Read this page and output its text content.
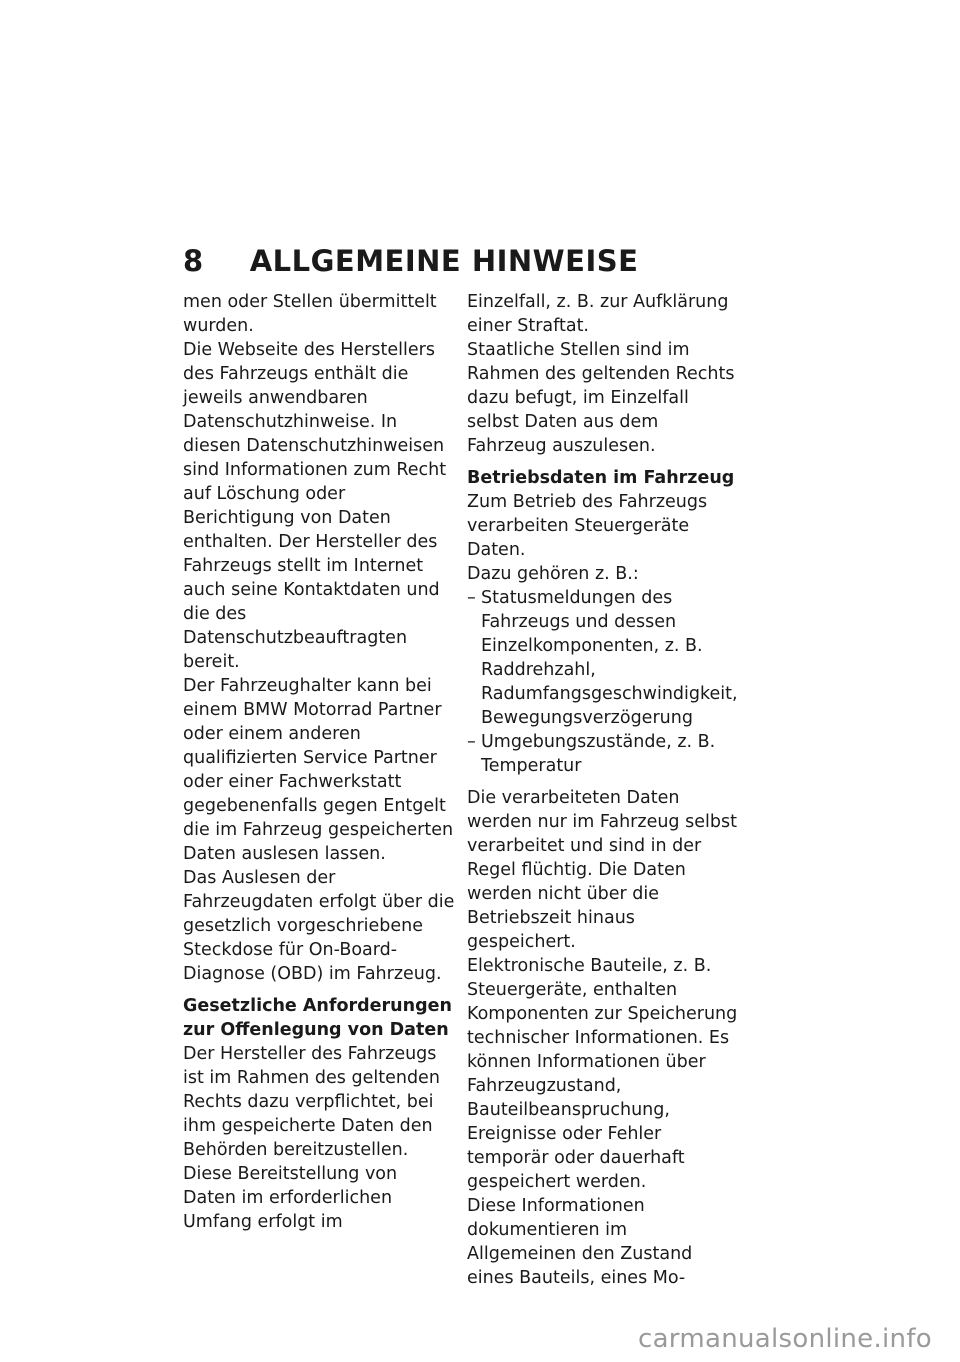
8 ALLGEMEINE HINWEISE

men oder Stellen übermittelt wurden.

Die Webseite des Herstellers des Fahrzeugs enthält die jeweils anwendbaren Datenschutzhinweise. In diesen Datenschutzhinweisen sind Informationen zum Recht auf Löschung oder Berichtigung von Daten enthalten. Der Hersteller des Fahrzeugs stellt im Internet auch seine Kontaktdaten und die des Datenschutzbeauftragten bereit.

Der Fahrzeughalter kann bei einem BMW Motorrad Partner oder einem anderen qualifizierten Service Partner oder einer Fachwerkstatt gegebenenfalls gegen Entgelt die im Fahrzeug gespeicherten Daten auslesen lassen.

Das Auslesen der Fahrzeugdaten erfolgt über die gesetzlich vorgeschriebene Steckdose für On-Board-Diagnose (OBD) im Fahrzeug.

Gesetzliche Anforderungen zur Offenlegung von Daten

Der Hersteller des Fahrzeugs ist im Rahmen des geltenden Rechts dazu verpflichtet, bei ihm gespeicherte Daten den Behörden bereitzustellen. Diese Bereitstellung von Daten im erforderlichen Umfang erfolgt im

Einzelfall, z. B. zur Aufklärung einer Straftat.

Staatliche Stellen sind im Rahmen des geltenden Rechts dazu befugt, im Einzelfall selbst Daten aus dem Fahrzeug auszulesen.

Betriebsdaten im Fahrzeug

Zum Betrieb des Fahrzeugs verarbeiten Steuergeräte Daten.

Dazu gehören z. B.:

– Statusmeldungen des Fahrzeugs und dessen Einzelkomponenten, z. B. Raddrehzahl, Radumfangsgeschwindigkeit, Bewegungsverzögerung
– Umgebungszustände, z. B. Temperatur

Die verarbeiteten Daten werden nur im Fahrzeug selbst verarbeitet und sind in der Regel flüchtig. Die Daten werden nicht über die Betriebszeit hinaus gespeichert.

Elektronische Bauteile, z. B. Steuergeräte, enthalten Komponenten zur Speicherung technischer Informationen. Es können Informationen über Fahrzeugzustand, Bauteilbeanspruchung, Ereignisse oder Fehler temporär oder dauerhaft gespeichert werden.

Diese Informationen dokumentieren im Allgemeinen den Zustand eines Bauteils, eines Mo-

carmanualsonline.info
